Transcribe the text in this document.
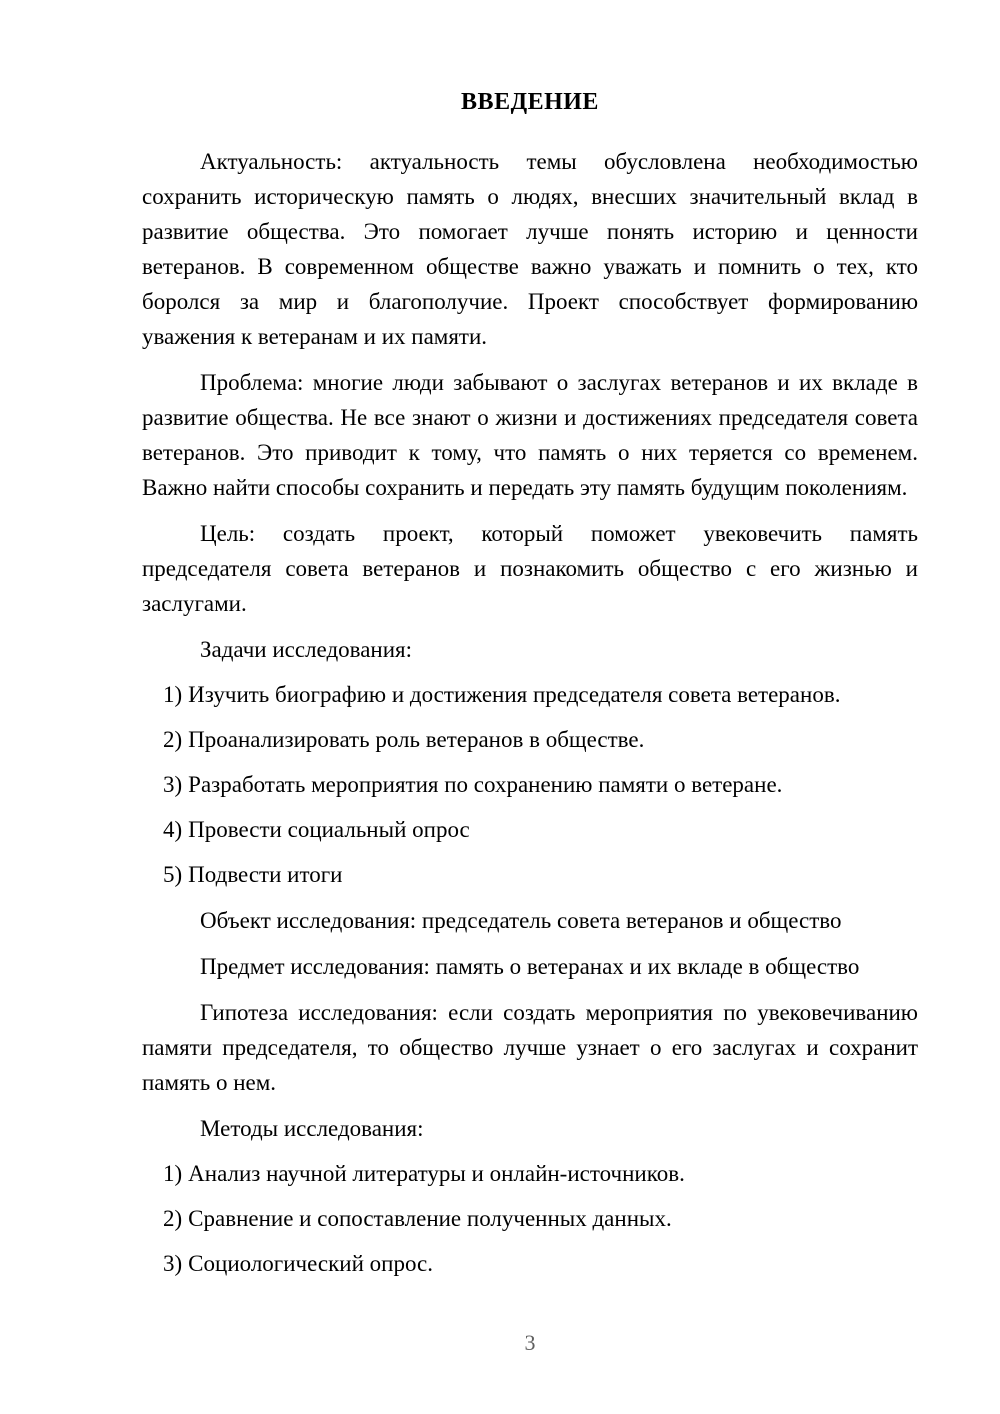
ВВЕДЕНИЕ

Актуальность: актуальность темы обусловлена необходимостью сохранить историческую память о людях, внесших значительный вклад в развитие общества. Это помогает лучше понять историю и ценности ветеранов. В современном обществе важно уважать и помнить о тех, кто боролся за мир и благополучие. Проект способствует формированию уважения к ветеранам и их памяти.

Проблема: многие люди забывают о заслугах ветеранов и их вкладе в развитие общества. Не все знают о жизни и достижениях председателя совета ветеранов. Это приводит к тому, что память о них теряется со временем. Важно найти способы сохранить и передать эту память будущим поколениям.

Цель: создать проект, который поможет увековечить память председателя совета ветеранов и познакомить общество с его жизнью и заслугами.

Задачи исследования:

1) Изучить биографию и достижения председателя совета ветеранов.

2) Проанализировать роль ветеранов в обществе.

3) Разработать мероприятия по сохранению памяти о ветеране.

4) Провести социальный опрос

5) Подвести итоги

Объект исследования: председатель совета ветеранов и общество

Предмет исследования: память о ветеранах и их вкладе в общество

Гипотеза исследования: если создать мероприятия по увековечиванию памяти председателя, то общество лучше узнает о его заслугах и сохранит память о нем.

Методы исследования:

1) Анализ научной литературы и онлайн-источников.

2) Сравнение и сопоставление полученных данных.

3) Социологический опрос.

3
